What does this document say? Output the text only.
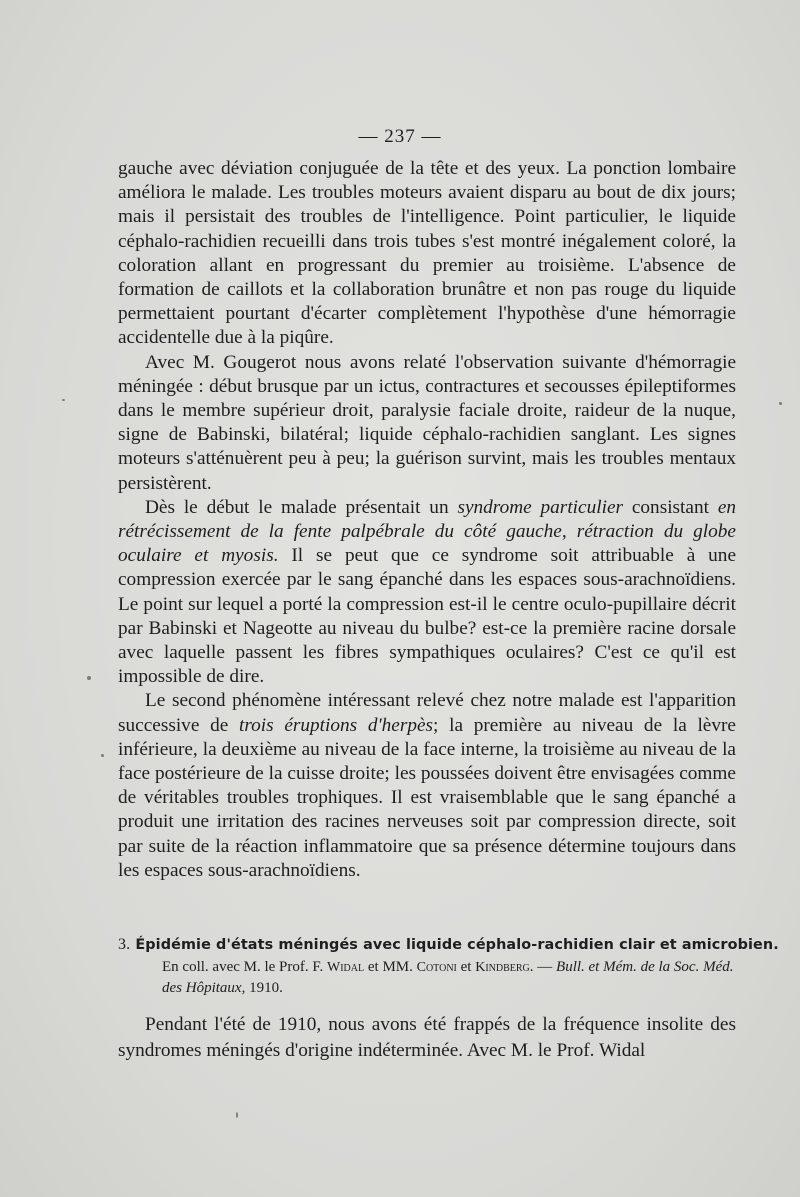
— 237 —

gauche avec déviation conjuguée de la tête et des yeux. La ponction lombaire améliora le malade. Les troubles moteurs avaient disparu au bout de dix jours; mais il persistait des troubles de l'intelligence. Point particulier, le liquide céphalo-rachidien recueilli dans trois tubes s'est montré inégalement coloré, la coloration allant en progressant du premier au troisième. L'absence de formation de caillots et la collaboration brunâtre et non pas rouge du liquide permettaient pourtant d'écarter complètement l'hypothèse d'une hémorragie accidentelle due à la piqûre.

Avec M. Gougerot nous avons relaté l'observation suivante d'hémorragie méningée : début brusque par un ictus, contractures et secousses épileptiformes dans le membre supérieur droit, paralysie faciale droite, raideur de la nuque, signe de Babinski, bilatéral; liquide céphalo-rachidien sanglant. Les signes moteurs s'atténuèrent peu à peu; la guérison survint, mais les troubles mentaux persistèrent.

Dès le début le malade présentait un syndrome particulier consistant en rétrécissement de la fente palpébrale du côté gauche, rétraction du globe oculaire et myosis. Il se peut que ce syndrome soit attribuable à une compression exercée par le sang épanché dans les espaces sous-arachnoïdiens. Le point sur lequel a porté la compression est-il le centre oculo-pupillaire décrit par Babinski et Nageotte au niveau du bulbe? est-ce la première racine dorsale avec laquelle passent les fibres sympathiques oculaires? C'est ce qu'il est impossible de dire.

Le second phénomène intéressant relevé chez notre malade est l'apparition successive de trois éruptions d'herpès; la première au niveau de la lèvre inférieure, la deuxième au niveau de la face interne, la troisième au niveau de la face postérieure de la cuisse droite; les poussées doivent être envisagées comme de véritables troubles trophiques. Il est vraisemblable que le sang épanché a produit une irritation des racines nerveuses soit par compression directe, soit par suite de la réaction inflammatoire que sa présence détermine toujours dans les espaces sous-arachnoïdiens.

3. Épidémie d'états méningés avec liquide céphalo-rachidien clair et amicrobien.
En coll. avec M. le Prof. F. Widal et MM. Cotoni et Kindberg. — Bull. et Mém. de la Soc. Méd. des Hôpitaux, 1910.

Pendant l'été de 1910, nous avons été frappés de la fréquence insolite des syndromes méningés d'origine indéterminée. Avec M. le Prof. Widal
